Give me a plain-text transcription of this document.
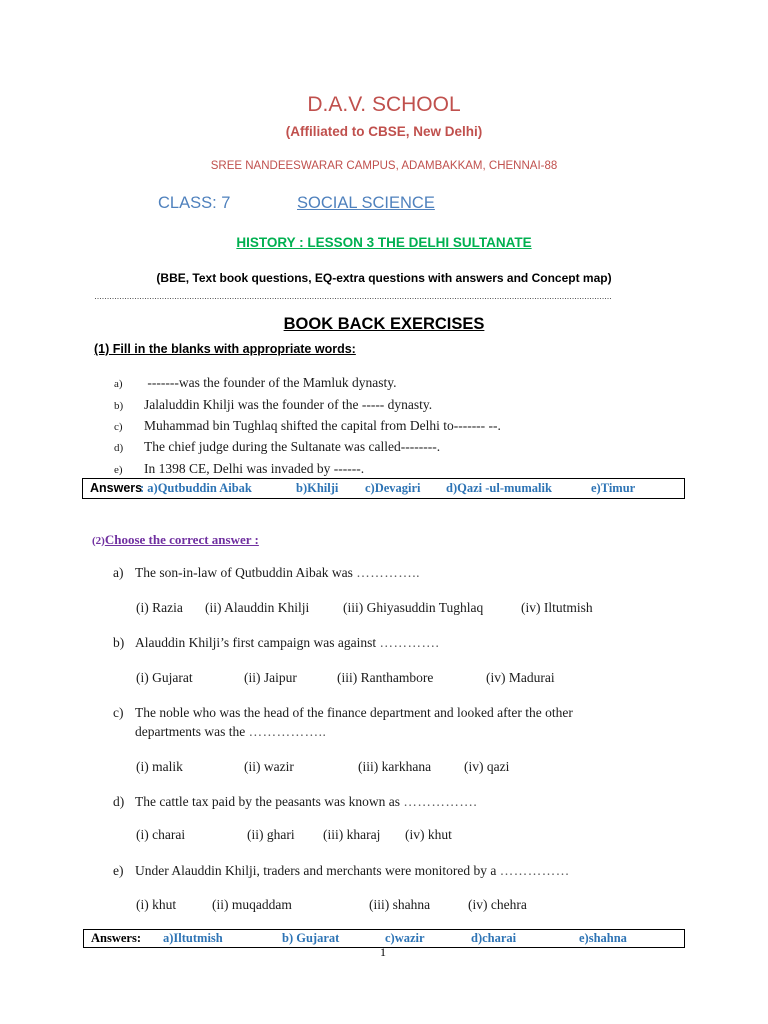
D.A.V. SCHOOL
(Affiliated to CBSE, New Delhi)
SREE NANDEESWARAR CAMPUS, ADAMBAKKAM, CHENNAI-88
CLASS: 7	SOCIAL SCIENCE
HISTORY : LESSON 3 THE DELHI SULTANATE
(BBE, Text book questions, EQ-extra questions with answers and Concept map)
………………………………………………………………………………………………………………………………………………………………………………………
BOOK BACK EXERCISES
(1) Fill in the blanks with appropriate words:
a) -------was the founder of the Mamluk dynasty.
b) Jalaluddin Khilji was the founder of the ----- dynasty.
c) Muhammad bin Tughlaq shifted the capital from Delhi to------- --.
d) The chief judge during the Sultanate was called--------.
e) In 1398 CE, Delhi was invaded by ------.
Answers
: a)Qutbuddin Aibak	b)Khilji c)Devagiri d)Qazi -ul-mumalik	e)Timur
(2)Choose the correct answer :
a) The son-in-law of Qutbuddin Aibak was …………..
(i) Razia (ii) Alauddin Khilji	(iii) Ghiyasuddin Tughlaq	(iv) Iltutmish
b) Alauddin Khilji’s first campaign was against ………….
(i) Gujarat	(ii) Jaipur	(iii) Ranthambore	(iv) Madurai
c) The noble who was the head of the finance department and looked after the other
departments was the ……………..
(i) malik	(ii) wazir	(iii) karkhana (iv) qazi
d) The cattle tax paid by the peasants was known as …………….
(i) charai	(ii) ghari (iii) kharaj (iv) khut
e) Under Alauddin Khilji, traders and merchants were monitored by a ……………
(i) khut	(ii) muqaddam	(iii) shahna	(iv) chehra
Answers: a)Iltutmish	b) Gujarat	c)wazir	d)charai	e)shahna
1
